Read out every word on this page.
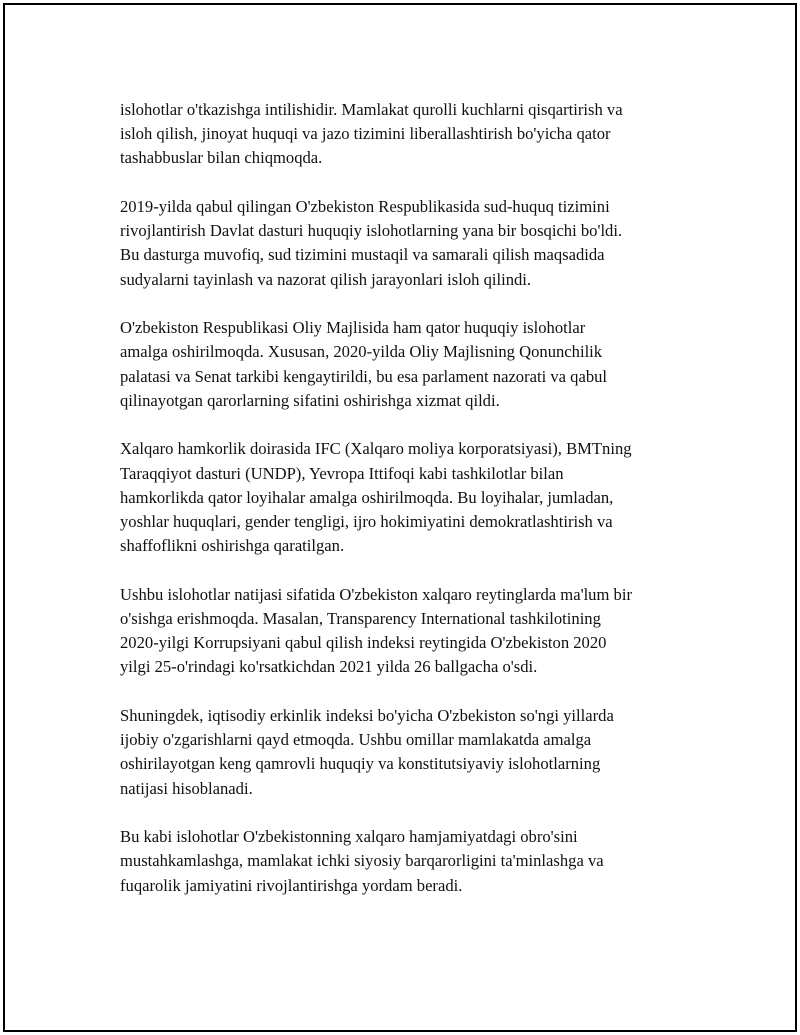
islohotlar o'tkazishga intilishidir. Mamlakat qurolli kuchlarni qisqartirish va
isloh qilish, jinoyat huquqi va jazo tizimini liberallashtirish bo'yicha qator
tashabbuslar bilan chiqmoqda.

2019-yilda qabul qilingan O'zbekiston Respublikasida sud-huquq tizimini
rivojlantirish Davlat dasturi huquqiy islohotlarning yana bir bosqichi bo'ldi.
Bu dasturga muvofiq, sud tizimini mustaqil va samarali qilish maqsadida
sudyalarni tayinlash va nazorat qilish jarayonlari isloh qilindi.

O'zbekiston Respublikasi Oliy Majlisida ham qator huquqiy islohotlar
amalga oshirilmoqda. Xususan, 2020-yilda Oliy Majlisning Qonunchilik
palatasi va Senat tarkibi kengaytirildi, bu esa parlament nazorati va qabul
qilinayotgan qarorlarning sifatini oshirishga xizmat qildi.

Xalqaro hamkorlik doirasida IFC (Xalqaro moliya korporatsiyasi), BMTning
Taraqqiyot dasturi (UNDP), Yevropa Ittifoqi kabi tashkilotlar bilan
hamkorlikda qator loyihalar amalga oshirilmoqda. Bu loyihalar, jumladan,
yoshlar huquqlari, gender tengligi, ijro hokimiyatini demokratlashtirish va
shaffoflikni oshirishga qaratilgan.

Ushbu islohotlar natijasi sifatida O'zbekiston xalqaro reytinglarda ma'lum bir
o'sishga erishmoqda. Masalan, Transparency International tashkilotining
2020-yilgi Korrupsiyani qabul qilish indeksi reytingida O'zbekiston 2020
yilgi 25-o'rindagi ko'rsatkichdan 2021 yilda 26 ballgacha o'sdi.

Shuningdek, iqtisodiy erkinlik indeksi bo'yicha O'zbekiston so'ngi yillarda
ijobiy o'zgarishlarni qayd etmoqda. Ushbu omillar mamlakatda amalga
oshirilayotgan keng qamrovli huquqiy va konstitutsiyaviy islohotlarning
natijasi hisoblanadi.

Bu kabi islohotlar O'zbekistonning xalqaro hamjamiyatdagi obro'sini
mustahkamlashga, mamlakat ichki siyosiy barqarorligini ta'minlashga va
fuqarolik jamiyatini rivojlantirishga yordam beradi.
